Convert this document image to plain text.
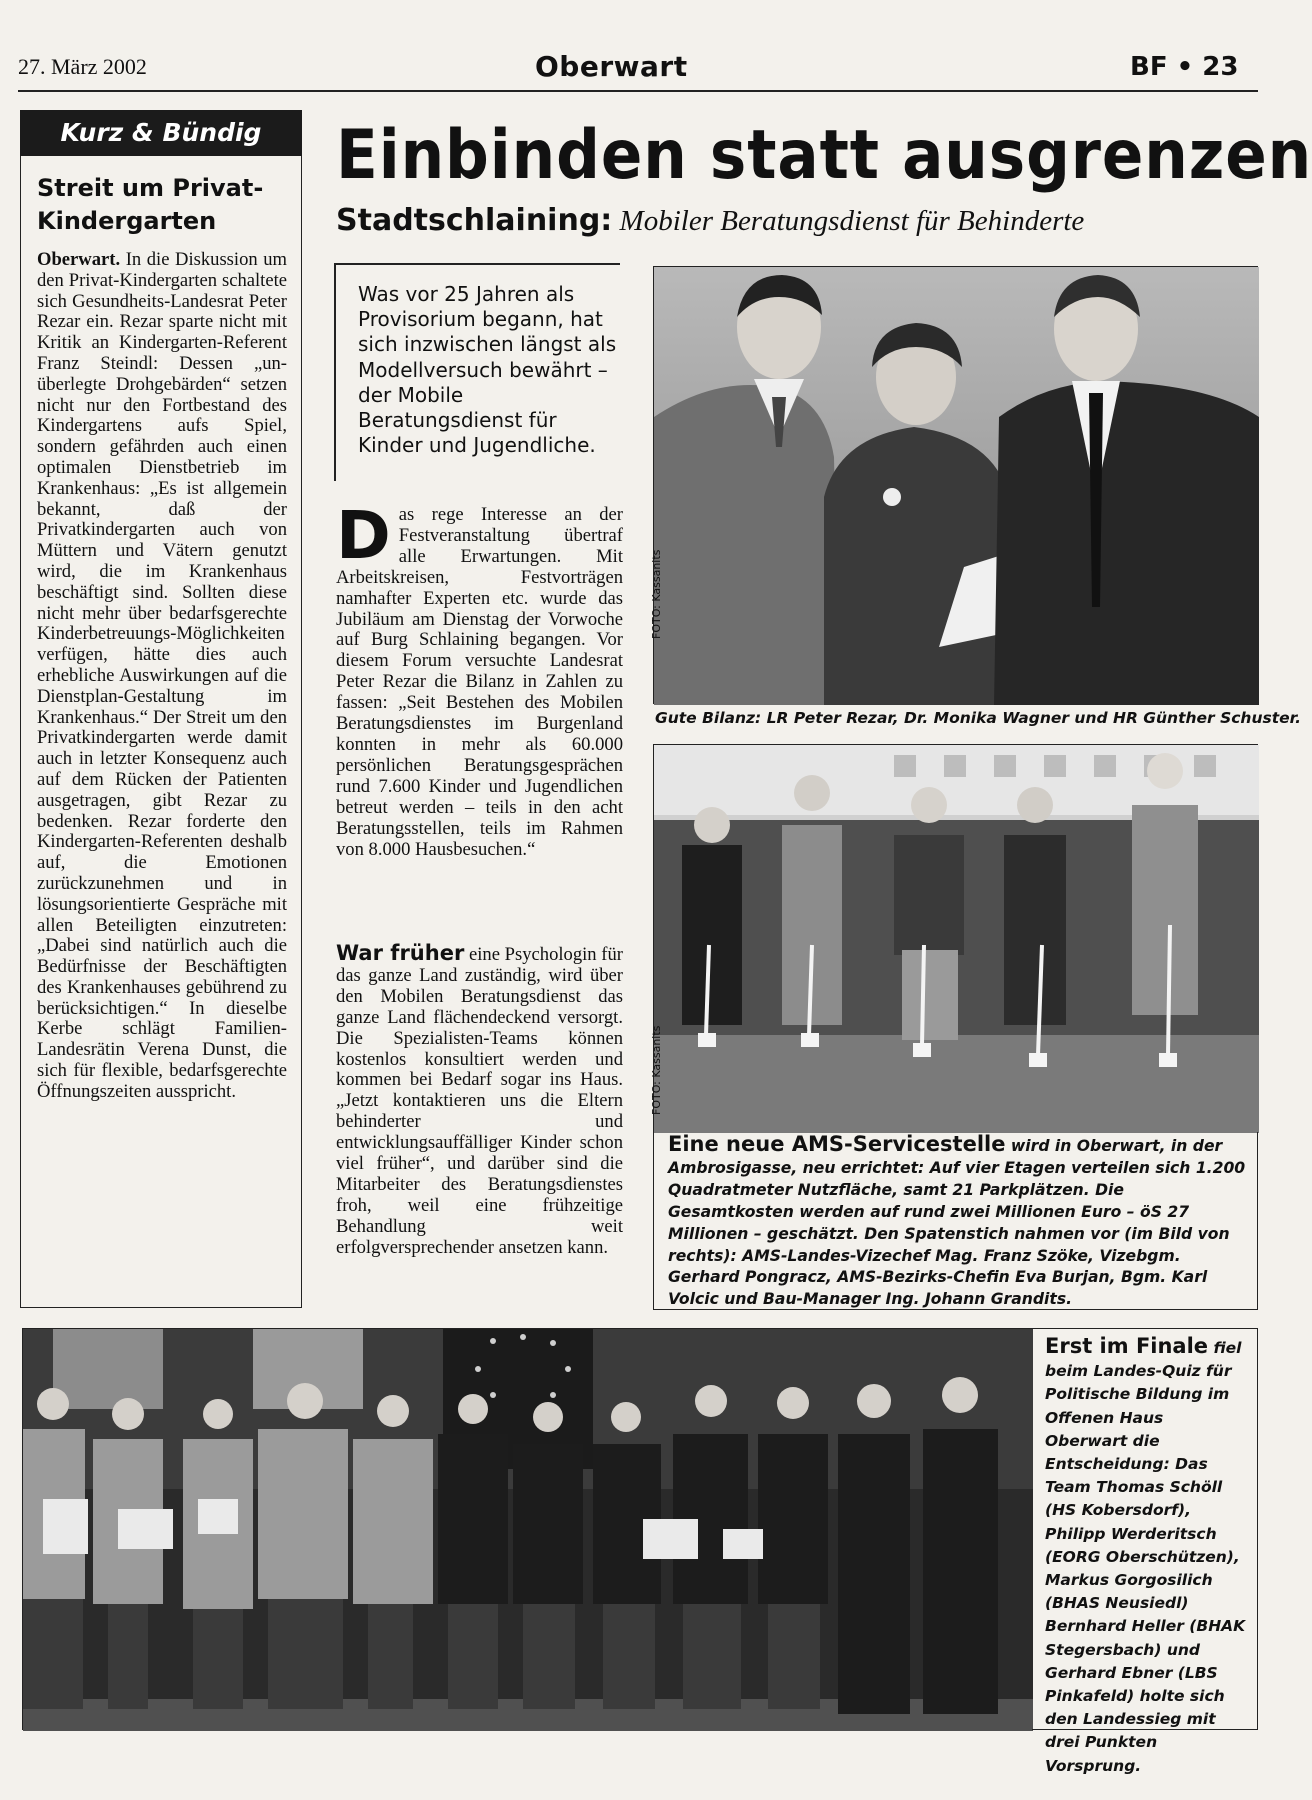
27. März 2002	Oberwart	BF • 23
Kurz & Bündig
Streit um Privat-
Kindergarten
Oberwart. In die Diskussion um den Privat-Kindergarten schaltete sich Gesundheits-Landesrat Peter Rezar ein. Rezar sparte nicht mit Kritik an Kindergarten-Referent Franz Steindl: Dessen „un-überlegte Drohgebärden“ setzen nicht nur den Fortbestand des Kindergartens aufs Spiel, sondern gefährden auch einen optimalen Dienstbetrieb im Krankenhaus: „Es ist allgemein bekannt, daß der Privatkindergarten auch von Müttern und Vätern genutzt wird, die im Krankenhaus beschäftigt sind. Sollten diese nicht mehr über bedarfsgerechte Kinderbetreuungs-Möglichkeiten verfügen, hätte dies auch erhebliche Auswirkungen auf die Dienstplan-Gestaltung im Krankenhaus.“ Der Streit um den Privatkindergarten werde damit auch in letzter Konsequenz auch auf dem Rücken der Patienten ausgetragen, gibt Rezar zu bedenken. Rezar forderte den Kindergarten-Referenten deshalb auf, die Emotionen zurückzunehmen und in lösungsorientierte Gespräche mit allen Beteiligten einzutreten: „Dabei sind natürlich auch die Bedürfnisse der Beschäftigten des Krankenhauses gebührend zu berücksichtigen.“ In dieselbe Kerbe schlägt Familien-Landesrätin Verena Dunst, die sich für flexible, bedarfsgerechte Öffnungszeiten ausspricht.
Einbinden statt ausgrenzen
Stadtschlaining: Mobiler Beratungsdienst für Behinderte
Was vor 25 Jahren als Provisorium begann, hat sich inzwischen längst als Modellversuch bewährt – der Mobile Beratungsdienst für Kinder und Jugendliche.
Das rege Interesse an der Festveranstaltung übertraf alle Erwartungen. Mit Arbeitskreisen, Festvorträgen namhafter Experten etc. wurde das Jubiläum am Dienstag der Vorwoche auf Burg Schlaining begangen. Vor diesem Forum versuchte Landesrat Peter Rezar die Bilanz in Zahlen zu fassen: „Seit Bestehen des Mobilen Beratungsdienstes im Burgenland konnten in mehr als 60.000 persönlichen Beratungsgesprächen rund 7.600 Kinder und Jugendlichen betreut werden – teils in den acht Beratungsstellen, teils im Rahmen von 8.000 Hausbesuchen.“
War früher eine Psychologin für das ganze Land zuständig, wird über den Mobilen Beratungsdienst das ganze Land flächendeckend versorgt. Die Spezialisten-Teams können kostenlos konsultiert werden und kommen bei Bedarf sogar ins Haus. „Jetzt kontaktieren uns die Eltern behinderter und entwicklungsauffälliger Kinder schon viel früher“, und darüber sind die Mitarbeiter des Beratungsdienstes froh, weil eine frühzeitige Behandlung weit erfolgversprechender ansetzen kann.
FOTO: Kassanits
Gute Bilanz: LR Peter Rezar, Dr. Monika Wagner und HR Günther Schuster.
FOTO: Kassanits
Eine neue AMS-Servicestelle wird in Oberwart, in der Ambrosigasse, neu errichtet: Auf vier Etagen verteilen sich 1.200 Quadratmeter Nutzfläche, samt 21 Parkplätzen. Die Gesamtkosten werden auf rund zwei Millionen Euro – öS 27 Millionen – geschätzt. Den Spatenstich nahmen vor (im Bild von rechts): AMS-Landes-Vizechef Mag. Franz Szöke, Vizebgm. Gerhard Pongracz, AMS-Bezirks-Chefin Eva Burjan, Bgm. Karl Volcic und Bau-Manager Ing. Johann Grandits.
Erst im Finale fiel beim Landes-Quiz für Politische Bildung im Offenen Haus Oberwart die Entscheidung: Das Team Thomas Schöll (HS Kobersdorf), Philipp Werderitsch (EORG Oberschützen), Markus Gorgosilich (BHAS Neusiedl) Bernhard Heller (BHAK Stegersbach) und Gerhard Ebner (LBS Pinkafeld) holte sich den Landessieg mit drei Punkten Vorsprung.
